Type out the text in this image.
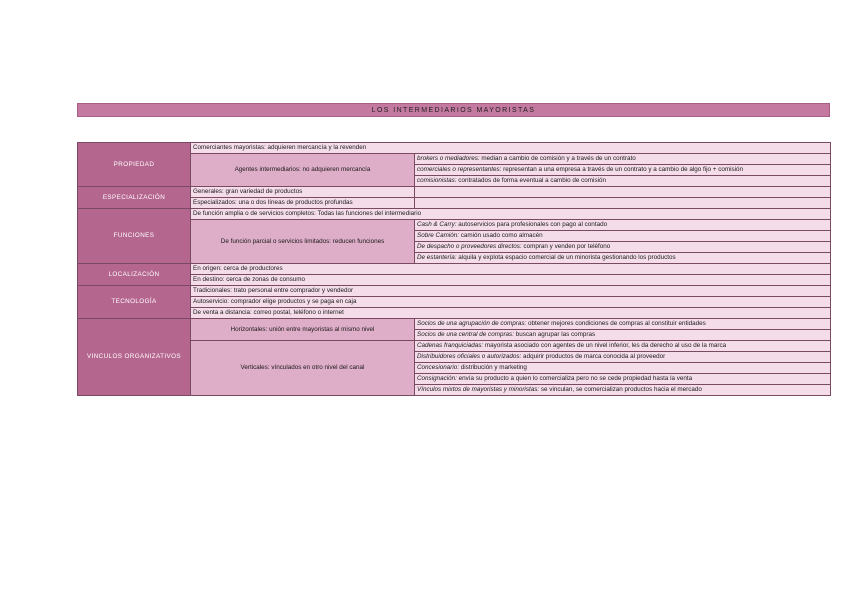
LOS INTERMEDIARIOS MAYORISTAS
PROPIEDAD	Comerciantes mayoristas: adquieren mercancía y la revenden	
	Agentes intermediarios: no adquieren mercancía	brokers o mediadores: median a cambio de comisión y a través de un contrato
		comerciales o representantes: representan a una empresa a través de un contrato y a cambio de algo fijo + comisión
		comisionistas: contratados de forma eventual a cambio de comisión
ESPECIALIZACIÓN	Generales: gran variedad de productos	
	Especializados: una o dos líneas de productos profundas	
FUNCIONES	De función amplia o de servicios completos: Todas las funciones del intermediario	
	De función parcial o servicios limitados: reducen funciones	Cash & Carry: autoservicios para profesionales con pago al contado
		Sobre Camión: camión usado como almacén
		De despacho o proveedores directos: compran y venden por teléfono
		De estantería: alquila y explota espacio comercial de un minorista gestionando los productos
LOCALIZACIÓN	En origen: cerca de productores	
	En destino: cerca de zonas de consumo	
TECNOLOGÍA	Tradicionales: trato personal entre comprador y vendedor	
	Autoservicio: comprador elige productos y se paga en caja	
	De venta a distancia: correo postal, teléfono o internet	
VINCULOS ORGANIZATIVOS	Horizontales: unión entre mayoristas al mismo nivel	Socios de una agrupación de compras: obtener mejores condiciones de compras al constituir entidades
		Socios de una central de compras: buscan agrupar las compras
	Verticales: vínculados en otro nivel del canal	Cadenas franquiciadas: mayorista asociado con agentes de un nivel inferior, les da derecho al uso de la marca
		Distribuidores oficiales o autorizados: adquirir productos de marca conocida al proveedor
		Concesionario: distribución y marketing
		Consignación: envía su producto a quien lo comercializa pero no se cede propiedad hasta la venta
		Vínculos mixtos de mayoristas y minoristas: se vinculan, se comercializan productos hacia el mercado
